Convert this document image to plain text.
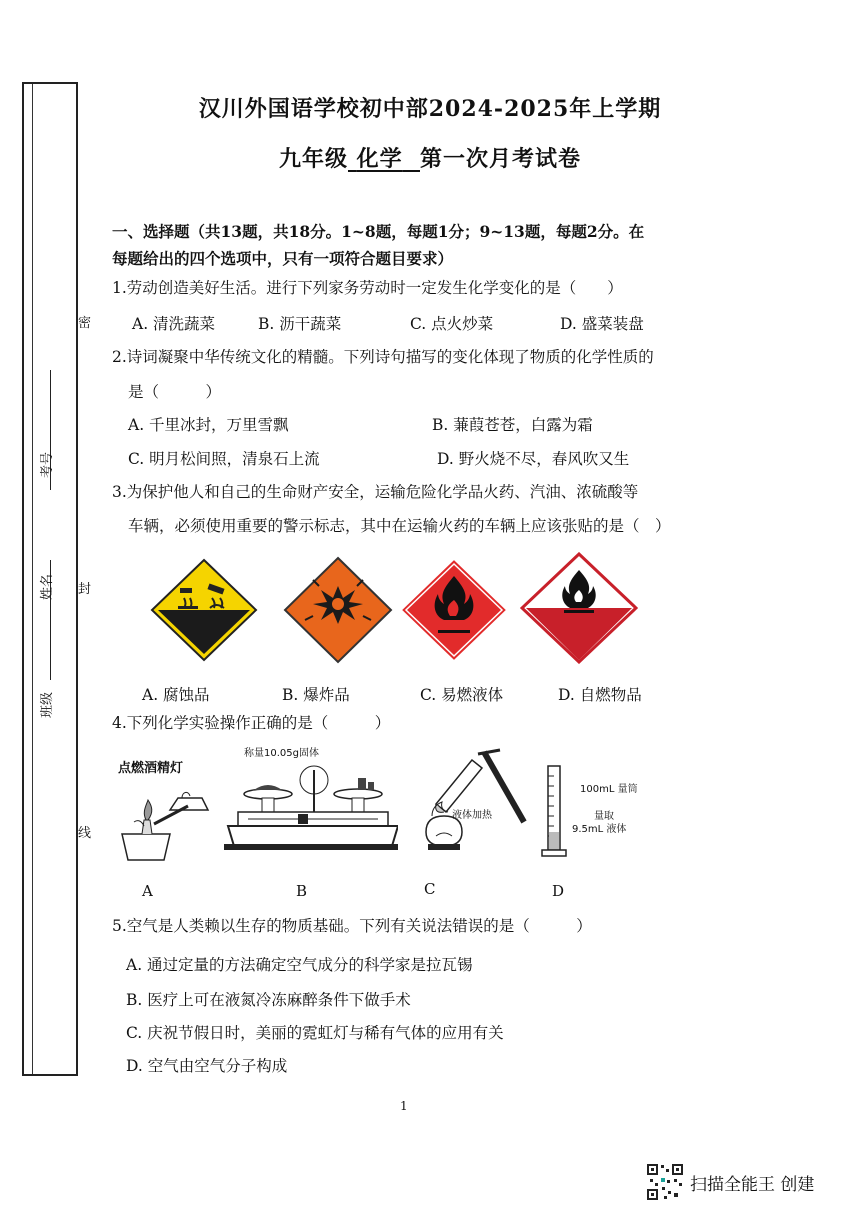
班级
姓名
考号
密
封
线
汉川外国语学校初中部2024-2025年上学期
九年级 化学 第一次月考试卷
一、选择题（共13题，共18分。1~8题，每题1分；9~13题，每题2分。在
每题给出的四个选项中，只有一项符合题目要求）
1.劳动创造美好生活。进行下列家务劳动时一定发生化学变化的是（　　）
A. 清洗蔬菜	B. 沥干蔬菜	C. 点火炒菜	D. 盛菜装盘
2.诗词凝聚中华传统文化的精髓。下列诗句描写的变化体现了物质的化学性质的
是（　　　）
A. 千里冰封，万里雪飘	B. 蒹葭苍苍，白露为霜
C. 明月松间照，清泉石上流	D. 野火烧不尽，春风吹又生
3.为保护他人和自己的生命财产安全，运输危险化学品火药、汽油、浓硫酸等
车辆，必须使用重要的警示标志，其中在运输火药的车辆上应该张贴的是（　）
A. 腐蚀品	B. 爆炸品	C. 易燃液体	D. 自燃物品
4.下列化学实验操作正确的是（　　　）
点燃酒精灯
称量10.05g固体
液体加热
100mL 量筒
量取
9.5mL 液体
A	B	C	D
5.空气是人类赖以生存的物质基础。下列有关说法错误的是（　　　）
A. 通过定量的方法确定空气成分的科学家是拉瓦锡
B. 医疗上可在液氮冷冻麻醉条件下做手术
C. 庆祝节假日时，美丽的霓虹灯与稀有气体的应用有关
D. 空气由空气分子构成
1
扫描全能王 创建
